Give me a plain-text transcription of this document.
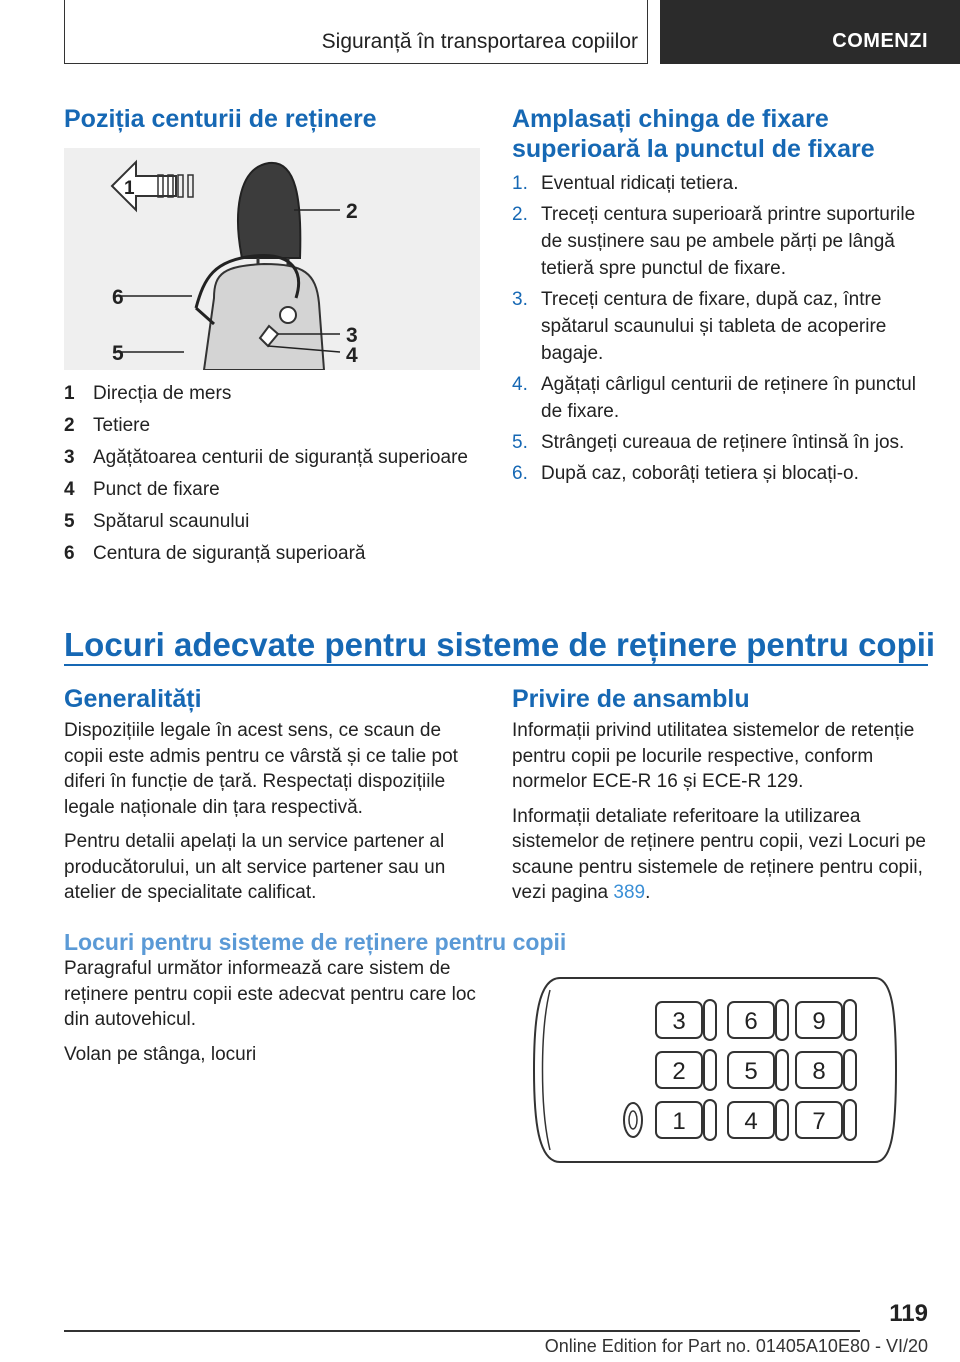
Siguranță în transportarea copiilor	COMENZI
Poziția centurii de reținere
1
2
3
4
5
6
1 Direcția de mers
2 Tetiere
3 Agățătoarea centurii de siguranță superioare
4 Punct de fixare
5 Spătarul scaunului
6 Centura de siguranță superioară
Amplasați chinga de fixare superioară la punctul de fixare
1. Eventual ridicați tetiera.
2. Treceți centura superioară printre suporturile de susținere sau pe ambele părți pe lângă tetieră spre punctul de fixare.
3. Treceți centura de fixare, după caz, între spătarul scaunului și tableta de acoperire bagaje.
4. Agățați cârligul centurii de reținere în punctul de fixare.
5. Strângeți cureaua de reținere întinsă în jos.
6. După caz, coborâți tetiera și blocați-o.
Locuri adecvate pentru sisteme de reținere pentru copii
Generalități

Dispozițiile legale în acest sens, ce scaun de copii este admis pentru ce vârstă și ce talie pot diferi în funcție de țară. Respectați dispozițiile legale naționale din țara respectivă.

Pentru detalii apelați la un service partener al producătorului, un alt service partener sau un atelier de specialitate calificat.

Privire de ansamblu

Informații privind utilitatea sistemelor de retenție pentru copii pe locurile respective, conform normelor ECE-R 16 și ECE-R 129.

Informații detaliate referitoare la utilizarea sistemelor de reținere pentru copii, vezi Locuri pe scaune pentru sistemele de reținere pentru copii, vezi pagina 389.

Locuri pentru sisteme de reținere pentru copii

Paragraful următor informează care sistem de reținere pentru copii este adecvat pentru care loc din autovehicul.

Volan pe stânga, locuri

3 6 9
2 5 8
1 4 7
119
Online Edition for Part no. 01405A10E80 - VI/20
